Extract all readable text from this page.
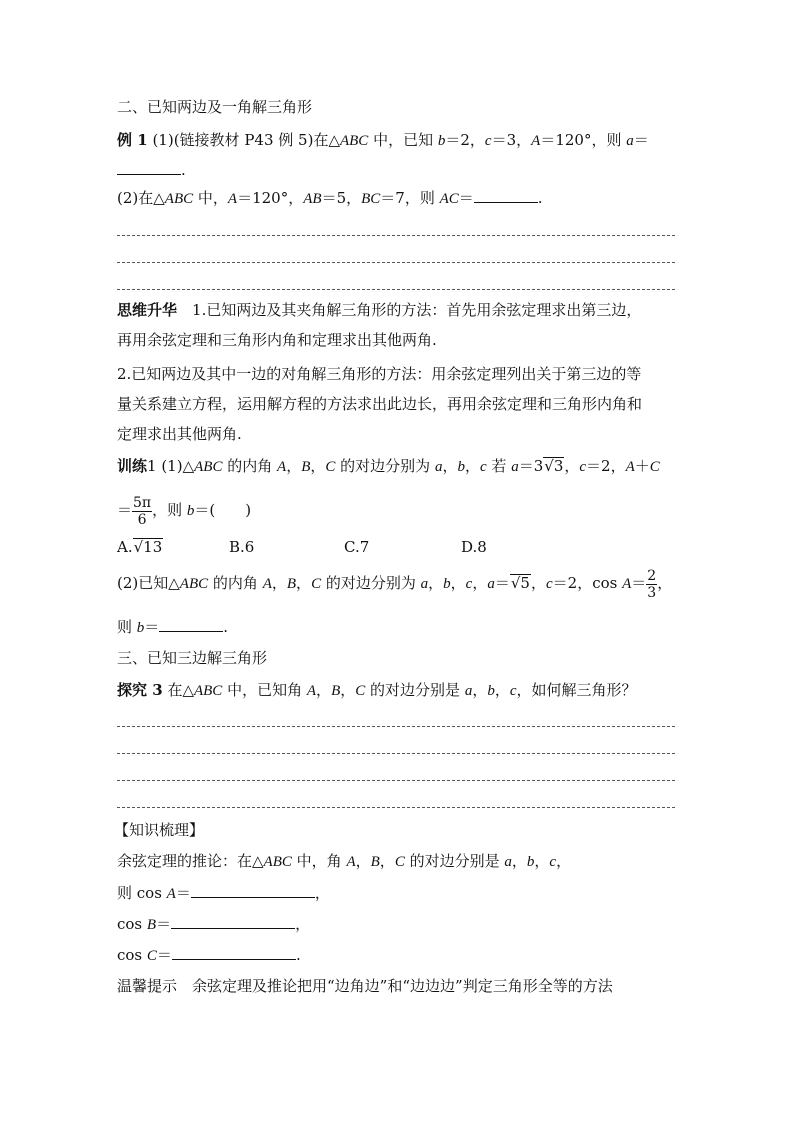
二、已知两边及一角解三角形
例 1 (1)(链接教材 P43 例 5)在△ABC 中，已知 b＝2，c＝3，A＝120°，则 a＝
.
(2)在△ABC 中，A＝120°，AB＝5，BC＝7，则 AC＝	.
思维升华　 1.已知两边及其夹角解三角形的方法：首先用余弦定理求出第三边，
再用余弦定理和三角形内角和定理求出其他两角.
2.已知两边及其中一边的对角解三角形的方法：用余弦定理列出关于第三边的等
量关系建立方程，运用解方程的方法求出此边长，再用余弦定理和三角形内角和
定理求出其他两角.
训练1 (1)△ABC 的内角 A，B，C 的对边分别为 a，b，c 若 a＝3√3，c＝2，A＋C
＝ $\frac{5\pi}{6}$ ，则 b＝(　　)
A.√13	B.6	C.7	D.8
(2)已知△ABC 的内角 A，B，C 的对边分别为 a，b，c，a＝√5，c＝2，$\cos A= \frac{2}{3}$ ，
则 b＝	.
三、已知三边解三角形
探究 3 在△ABC 中，已知角 A，B，C 的对边分别是 a，b，c，如何解三角形？
【知识梳理】
余弦定理的推论：在△ABC 中，角 A，B，C 的对边分别是 a，b，c，
则 cos A＝	，
cos B＝	，
cos C＝	.
温馨提示　余弦定理及推论把用“边角边”和“边边边”判定三角形全等的方法
